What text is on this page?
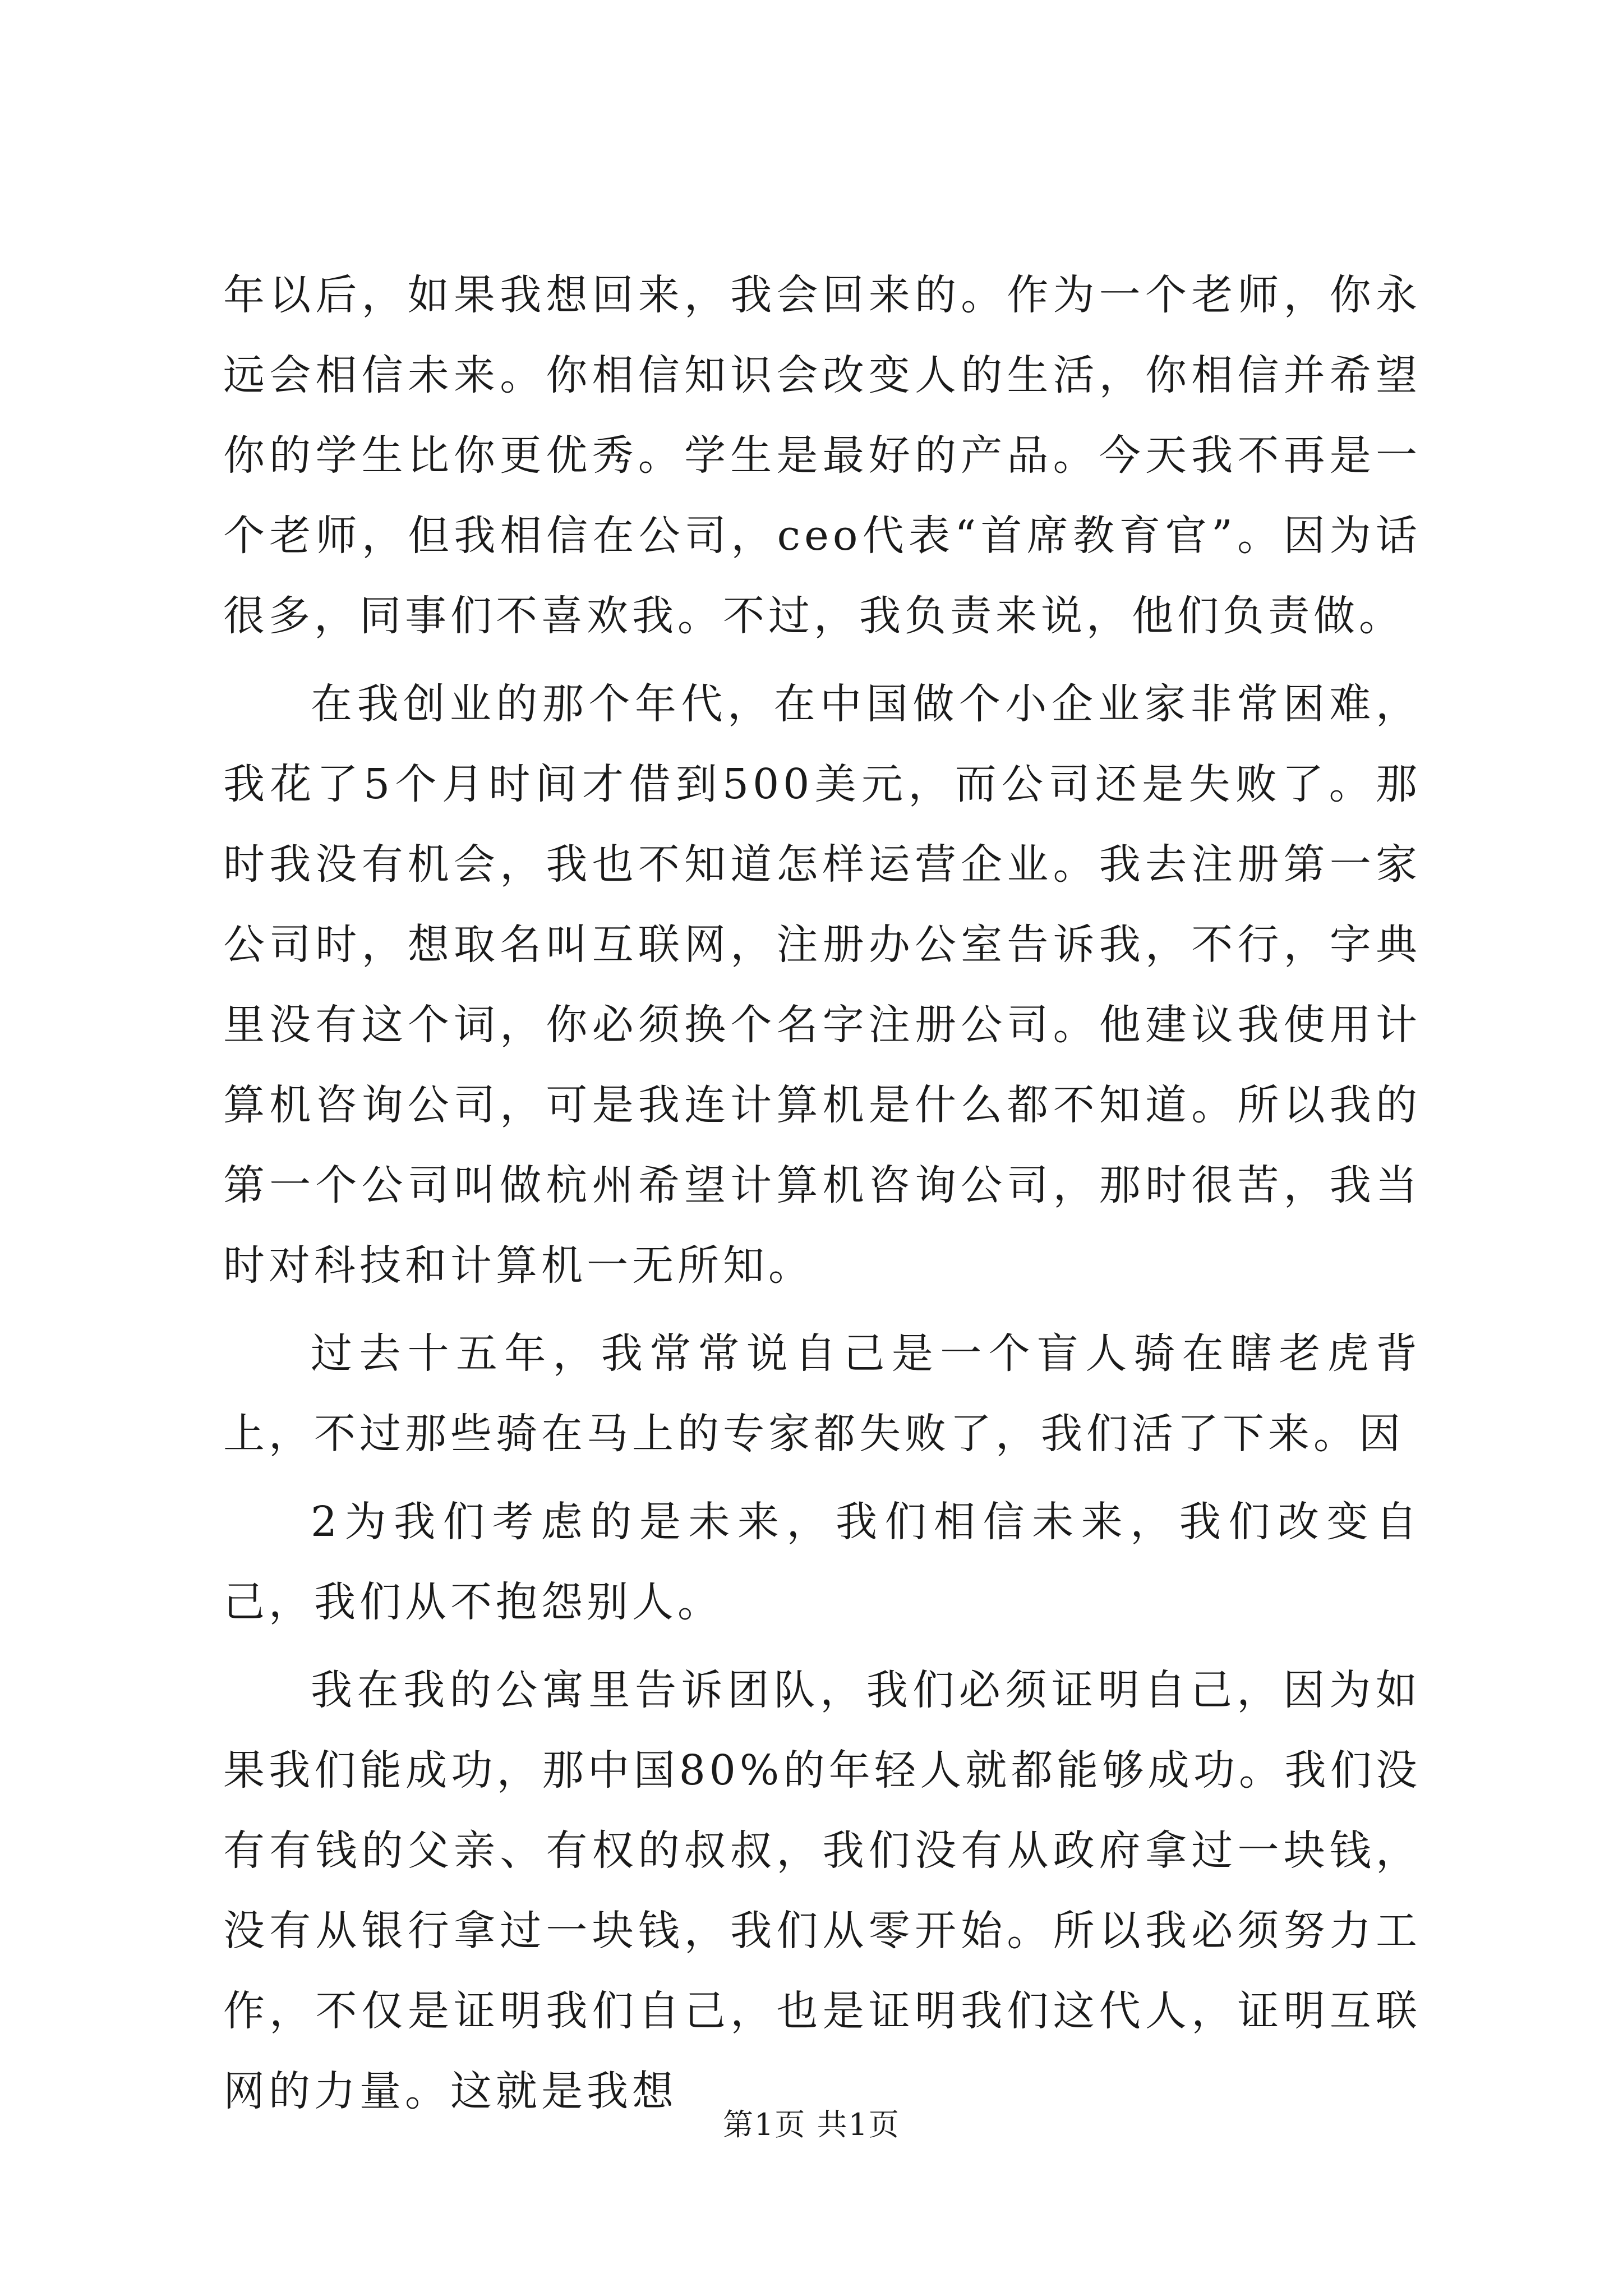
年以后，如果我想回来，我会回来的。作为一个老师，你永远会相信未来。你相信知识会改变人的生活，你相信并希望你的学生比你更优秀。学生是最好的产品。今天我不再是一个老师，但我相信在公司，ceo代表“首席教育官”。因为话很多，同事们不喜欢我。不过，我负责来说，他们负责做。

在我创业的那个年代，在中国做个小企业家非常困难，我花了5个月时间才借到500美元，而公司还是失败了。那时我没有机会，我也不知道怎样运营企业。我去注册第一家公司时，想取名叫互联网，注册办公室告诉我，不行，字典里没有这个词，你必须换个名字注册公司。他建议我使用计算机咨询公司，可是我连计算机是什么都不知道。所以我的第一个公司叫做杭州希望计算机咨询公司，那时很苦，我当时对科技和计算机一无所知。

过去十五年，我常常说自己是一个盲人骑在瞎老虎背上，不过那些骑在马上的专家都失败了，我们活了下来。因

2为我们考虑的是未来，我们相信未来，我们改变自己，我们从不抱怨别人。

我在我的公寓里告诉团队，我们必须证明自己，因为如果我们能成功，那中国80%的年轻人就都能够成功。我们没有有钱的父亲、有权的叔叔，我们没有从政府拿过一块钱，没有从银行拿过一块钱，我们从零开始。所以我必须努力工作，不仅是证明我们自己，也是证明我们这代人，证明互联网的力量。这就是我想

第1页 共1页
